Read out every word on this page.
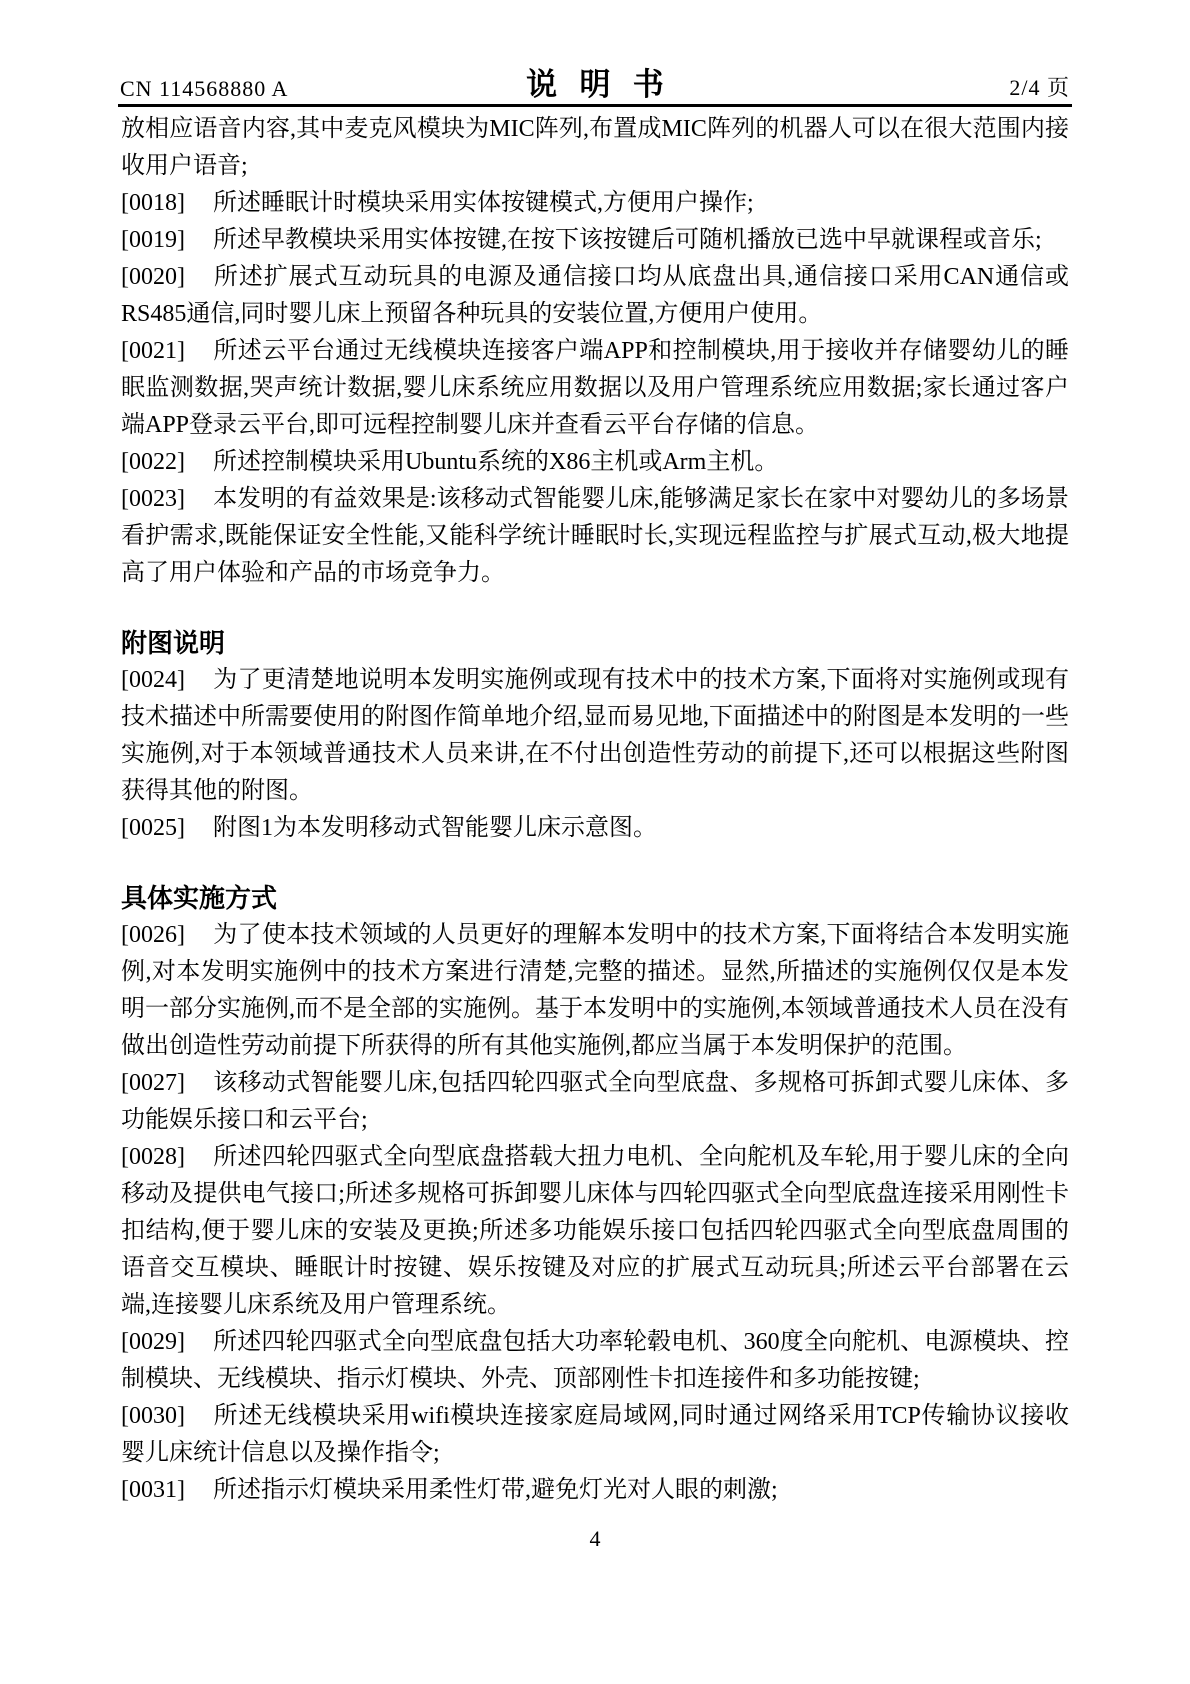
CN 114568880 A	说明书	2/4 页

放相应语音内容,其中麦克风模块为MIC阵列,布置成MIC阵列的机器人可以在很大范围内接收用户语音;

[0018] 所述睡眠计时模块采用实体按键模式,方便用户操作;

[0019] 所述早教模块采用实体按键,在按下该按键后可随机播放已选中早就课程或音乐;

[0020] 所述扩展式互动玩具的电源及通信接口均从底盘出具,通信接口采用CAN通信或RS485通信,同时婴儿床上预留各种玩具的安装位置,方便用户使用。

[0021] 所述云平台通过无线模块连接客户端APP和控制模块,用于接收并存储婴幼儿的睡眠监测数据,哭声统计数据,婴儿床系统应用数据以及用户管理系统应用数据;家长通过客户端APP登录云平台,即可远程控制婴儿床并查看云平台存储的信息。

[0022] 所述控制模块采用Ubuntu系统的X86主机或Arm主机。

[0023] 本发明的有益效果是:该移动式智能婴儿床,能够满足家长在家中对婴幼儿的多场景看护需求,既能保证安全性能,又能科学统计睡眠时长,实现远程监控与扩展式互动,极大地提高了用户体验和产品的市场竞争力。

附图说明

[0024] 为了更清楚地说明本发明实施例或现有技术中的技术方案,下面将对实施例或现有技术描述中所需要使用的附图作简单地介绍,显而易见地,下面描述中的附图是本发明的一些实施例,对于本领域普通技术人员来讲,在不付出创造性劳动的前提下,还可以根据这些附图获得其他的附图。

[0025] 附图1为本发明移动式智能婴儿床示意图。

具体实施方式

[0026] 为了使本技术领域的人员更好的理解本发明中的技术方案,下面将结合本发明实施例,对本发明实施例中的技术方案进行清楚,完整的描述。显然,所描述的实施例仅仅是本发明一部分实施例,而不是全部的实施例。基于本发明中的实施例,本领域普通技术人员在没有做出创造性劳动前提下所获得的所有其他实施例,都应当属于本发明保护的范围。

[0027] 该移动式智能婴儿床,包括四轮四驱式全向型底盘、多规格可拆卸式婴儿床体、多功能娱乐接口和云平台;

[0028] 所述四轮四驱式全向型底盘搭载大扭力电机、全向舵机及车轮,用于婴儿床的全向移动及提供电气接口;所述多规格可拆卸婴儿床体与四轮四驱式全向型底盘连接采用刚性卡扣结构,便于婴儿床的安装及更换;所述多功能娱乐接口包括四轮四驱式全向型底盘周围的语音交互模块、睡眠计时按键、娱乐按键及对应的扩展式互动玩具;所述云平台部署在云端,连接婴儿床系统及用户管理系统。

[0029] 所述四轮四驱式全向型底盘包括大功率轮毂电机、360度全向舵机、电源模块、控制模块、无线模块、指示灯模块、外壳、顶部刚性卡扣连接件和多功能按键;

[0030] 所述无线模块采用wifi模块连接家庭局域网,同时通过网络采用TCP传输协议接收婴儿床统计信息以及操作指令;

[0031] 所述指示灯模块采用柔性灯带,避免灯光对人眼的刺激;

4
